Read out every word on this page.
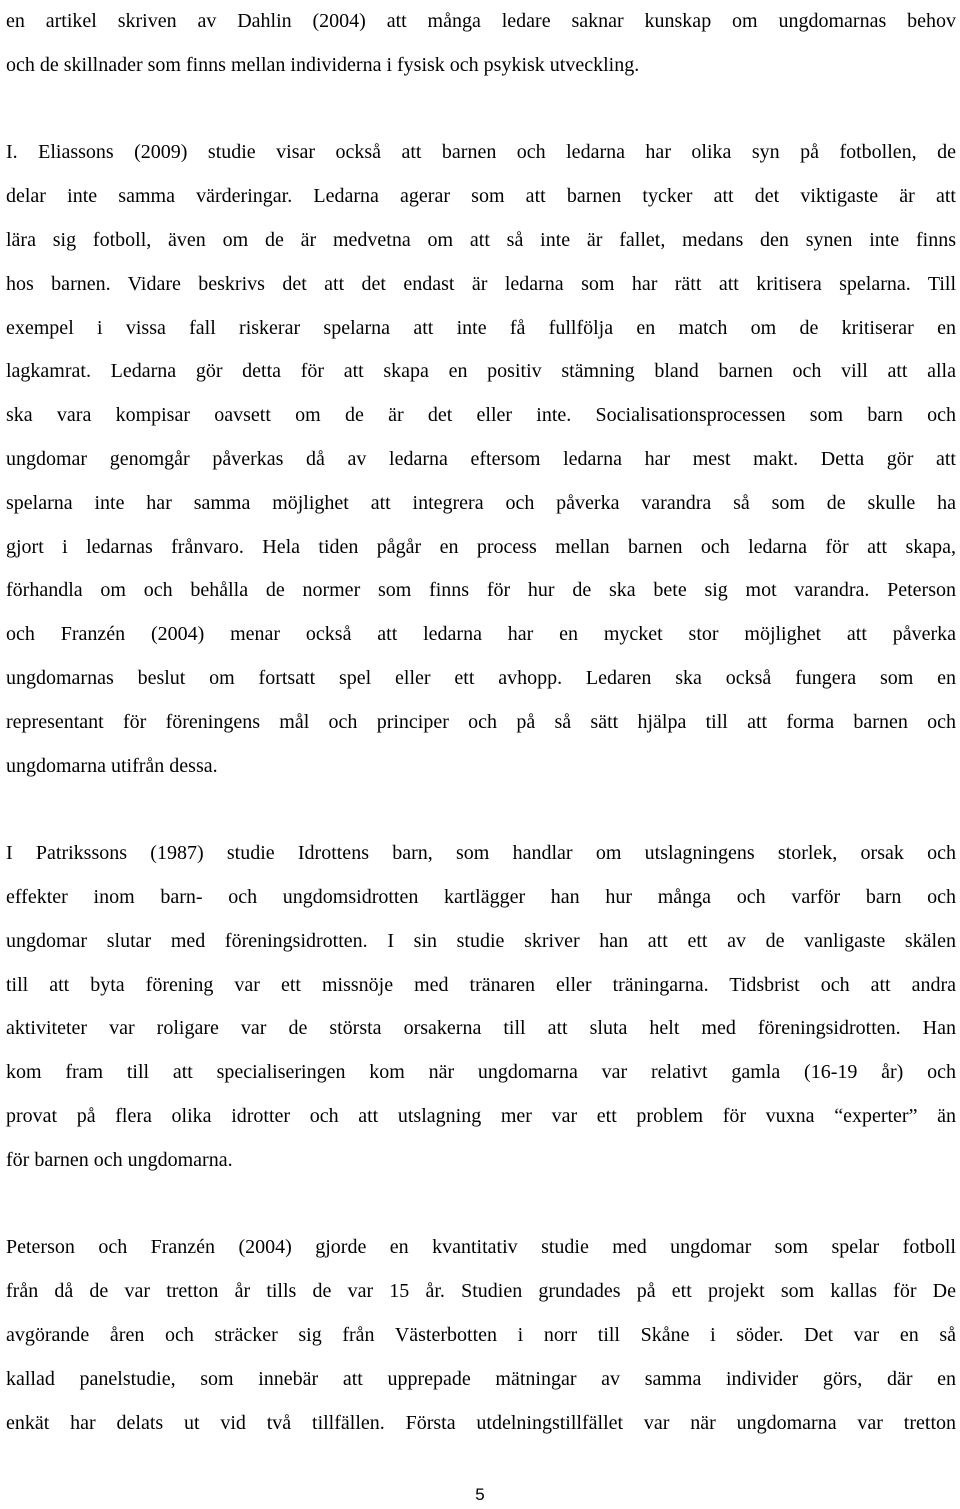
en artikel skriven av Dahlin (2004) att många ledare saknar kunskap om ungdomarnas behov
och de skillnader som finns mellan individerna i fysisk och psykisk utveckling.

I. Eliassons (2009) studie visar också att barnen och ledarna har olika syn på fotbollen, de
delar inte samma värderingar. Ledarna agerar som att barnen tycker att det viktigaste är att
lära sig fotboll, även om de är medvetna om att så inte är fallet, medans den synen inte finns
hos barnen. Vidare beskrivs det att det endast är ledarna som har rätt att kritisera spelarna. Till
exempel i vissa fall riskerar spelarna att inte få fullfölja en match om de kritiserar en
lagkamrat. Ledarna gör detta för att skapa en positiv stämning bland barnen och vill att alla
ska vara kompisar oavsett om de är det eller inte. Socialisationsprocessen som barn och
ungdomar genomgår påverkas då av ledarna eftersom ledarna har mest makt. Detta gör att
spelarna inte har samma möjlighet att integrera och påverka varandra så som de skulle ha
gjort i ledarnas frånvaro. Hela tiden pågår en process mellan barnen och ledarna för att skapa,
förhandla om och behålla de normer som finns för hur de ska bete sig mot varandra. Peterson
och Franzén (2004) menar också att ledarna har en mycket stor möjlighet att påverka
ungdomarnas beslut om fortsatt spel eller ett avhopp. Ledaren ska också fungera som en
representant för föreningens mål och principer och på så sätt hjälpa till att forma barnen och
ungdomarna utifrån dessa.

I Patrikssons (1987) studie Idrottens barn, som handlar om utslagningens storlek, orsak och
effekter inom barn- och ungdomsidrotten kartlägger han hur många och varför barn och
ungdomar slutar med föreningsidrotten. I sin studie skriver han att ett av de vanligaste skälen
till att byta förening var ett missnöje med tränaren eller träningarna. Tidsbrist och att andra
aktiviteter var roligare var de största orsakerna till att sluta helt med föreningsidrotten. Han
kom fram till att specialiseringen kom när ungdomarna var relativt gamla (16-19 år) och
provat på flera olika idrotter och att utslagning mer var ett problem för vuxna “experter” än
för barnen och ungdomarna.

Peterson och Franzén (2004) gjorde en kvantitativ studie med ungdomar som spelar fotboll
från då de var tretton år tills de var 15 år. Studien grundades på ett projekt som kallas för De
avgörande åren och sträcker sig från Västerbotten i norr till Skåne i söder. Det var en så
kallad panelstudie, som innebär att upprepade mätningar av samma individer görs, där en
enkät har delats ut vid två tillfällen. Första utdelningstillfället var när ungdomarna var tretton

5
